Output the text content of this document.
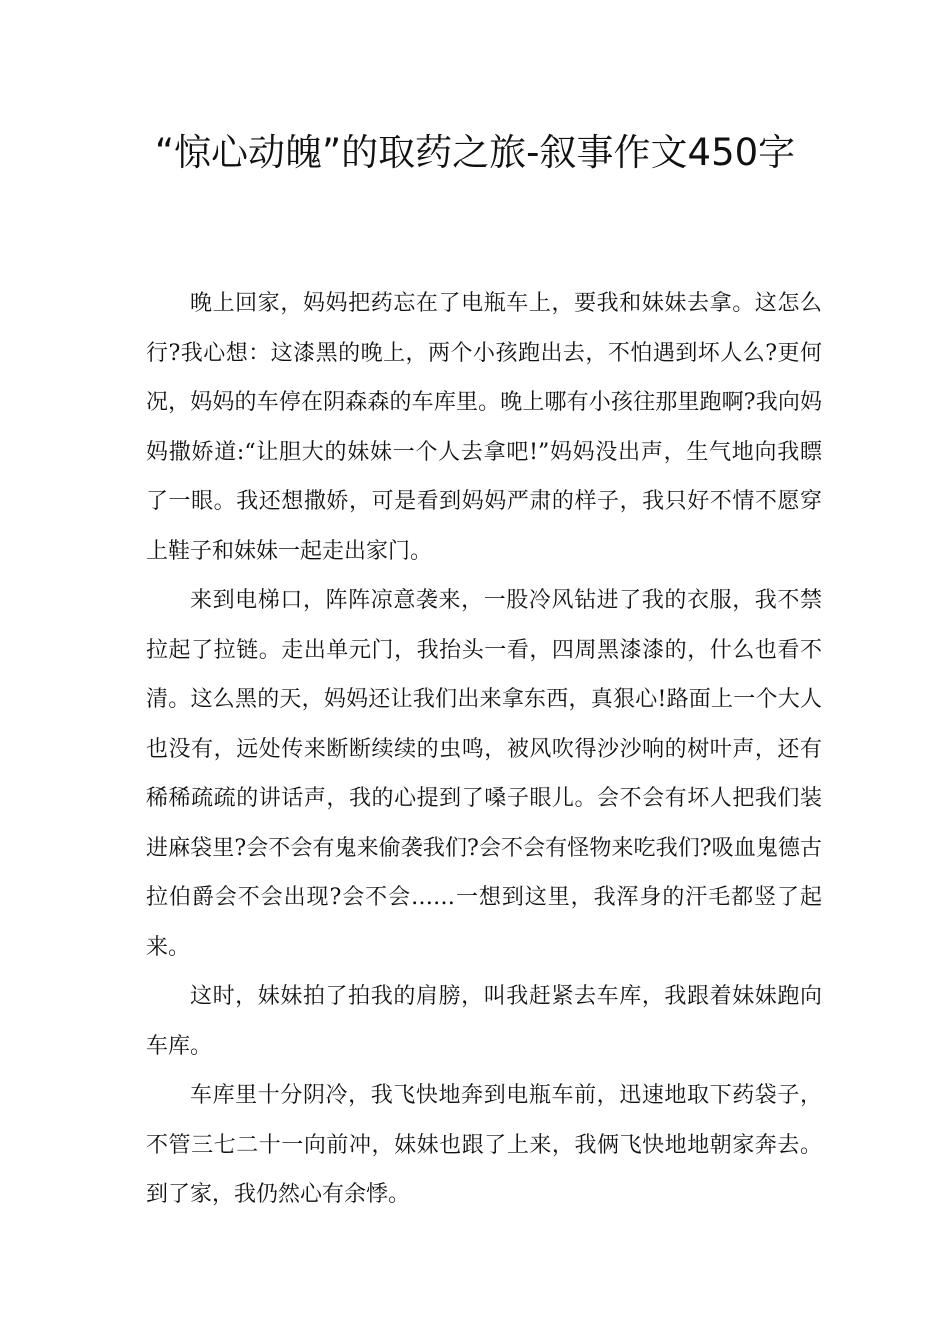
“惊心动魄”的取药之旅-叙事作文450字

晚上回家，妈妈把药忘在了电瓶车上，要我和妹妹去拿。这怎么行?我心想：这漆黑的晚上，两个小孩跑出去，不怕遇到坏人么?更何况，妈妈的车停在阴森森的车库里。晚上哪有小孩往那里跑啊?我向妈妈撒娇道:“让胆大的妹妹一个人去拿吧!”妈妈没出声，生气地向我瞟了一眼。我还想撒娇，可是看到妈妈严肃的样子，我只好不情不愿穿上鞋子和妹妹一起走出家门。

来到电梯口，阵阵凉意袭来，一股冷风钻进了我的衣服，我不禁拉起了拉链。走出单元门，我抬头一看，四周黑漆漆的，什么也看不清。这么黑的天，妈妈还让我们出来拿东西，真狠心!路面上一个大人也没有，远处传来断断续续的虫鸣，被风吹得沙沙响的树叶声，还有稀稀疏疏的讲话声，我的心提到了嗓子眼儿。会不会有坏人把我们装进麻袋里?会不会有鬼来偷袭我们?会不会有怪物来吃我们?吸血鬼德古拉伯爵会不会出现?会不会……一想到这里，我浑身的汗毛都竖了起来。

这时，妹妹拍了拍我的肩膀，叫我赶紧去车库，我跟着妹妹跑向车库。

车库里十分阴冷，我飞快地奔到电瓶车前，迅速地取下药袋子，不管三七二十一向前冲，妹妹也跟了上来，我俩飞快地地朝家奔去。到了家，我仍然心有余悸。
